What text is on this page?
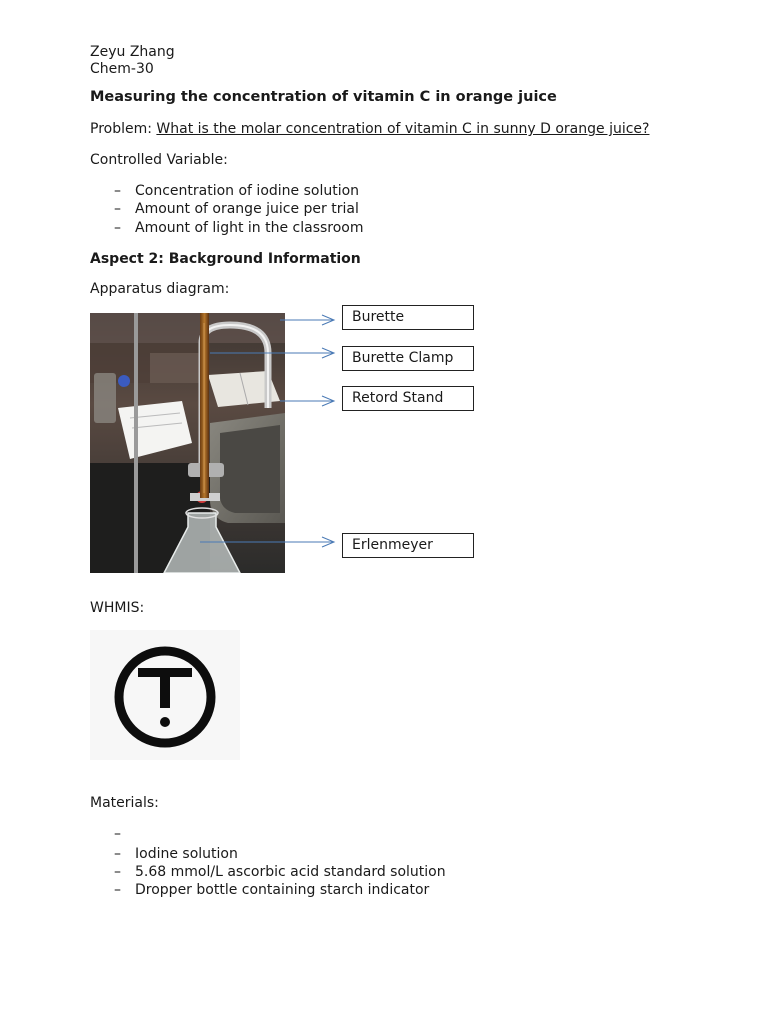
Zeyu Zhang
Chem-30
Measuring the concentration of vitamin C in orange juice
Problem: What is the molar concentration of vitamin C in sunny D orange juice?
Controlled Variable:
– Concentration of iodine solution
– Amount of orange juice per trial
– Amount of light in the classroom
Aspect 2: Background Information
Apparatus diagram:
Burette
Burette Clamp
Retord Stand
Erlenmeyer
WHMIS:
Materials:
–
– Iodine solution
– 5.68 mmol/L ascorbic acid standard solution
– Dropper bottle containing starch indicator
